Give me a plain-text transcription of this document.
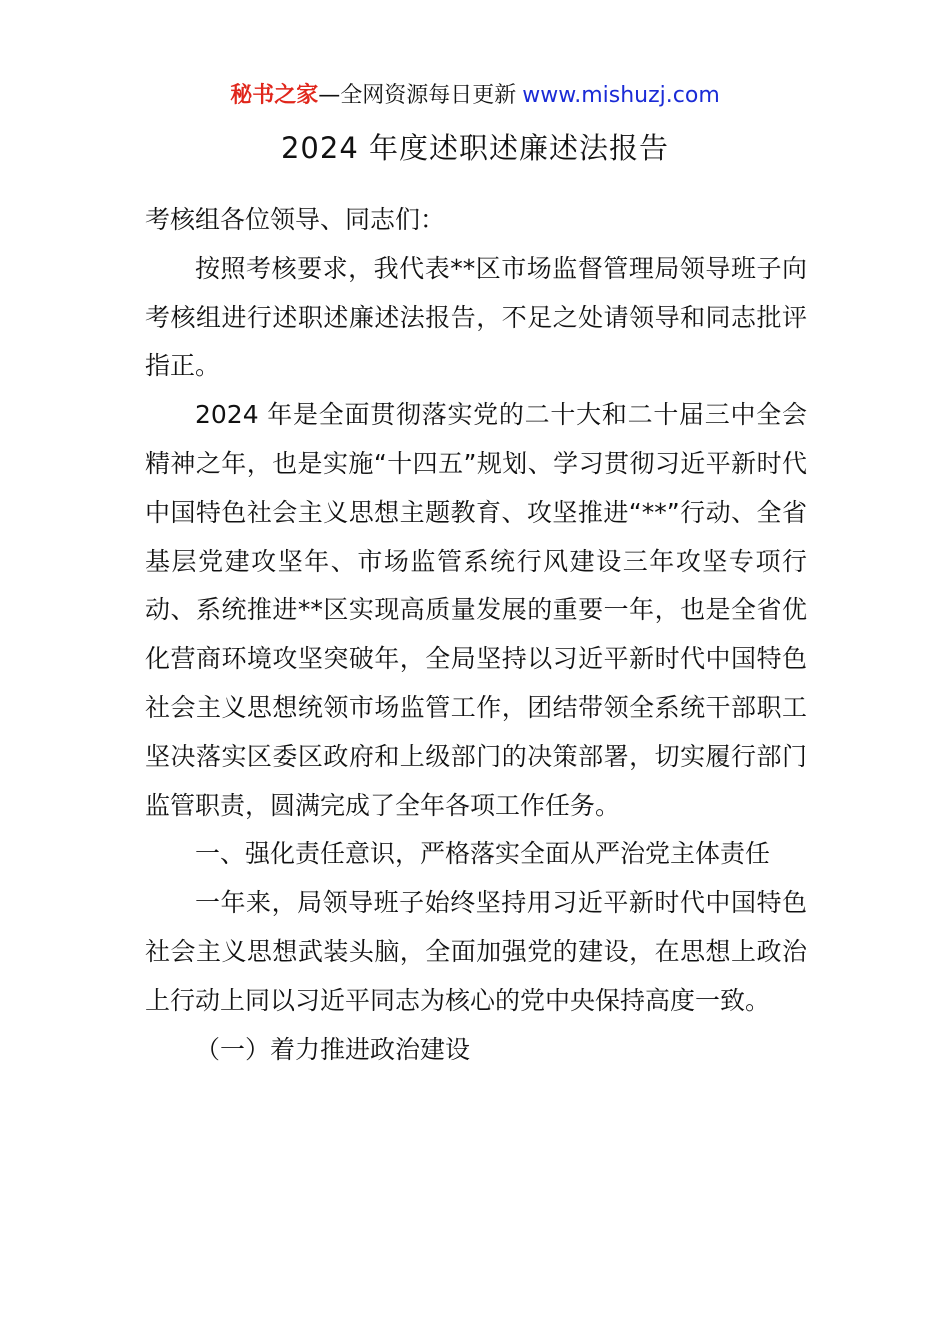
秘书之家—全网资源每日更新 www.mishuzj.com
2024 年度述职述廉述法报告

考核组各位领导、同志们：

按照考核要求，我代表**区市场监督管理局领导班子向考核组进行述职述廉述法报告，不足之处请领导和同志批评指正。

2024 年是全面贯彻落实党的二十大和二十届三中全会精神之年，也是实施“十四五”规划、学习贯彻习近平新时代中国特色社会主义思想主题教育、攻坚推进“**”行动、全省基层党建攻坚年、市场监管系统行风建设三年攻坚专项行动、系统推进**区实现高质量发展的重要一年，也是全省优化营商环境攻坚突破年，全局坚持以习近平新时代中国特色社会主义思想统领市场监管工作，团结带领全系统干部职工坚决落实区委区政府和上级部门的决策部署，切实履行部门监管职责，圆满完成了全年各项工作任务。

一、强化责任意识，严格落实全面从严治党主体责任

一年来，局领导班子始终坚持用习近平新时代中国特色社会主义思想武装头脑，全面加强党的建设，在思想上政治上行动上同以习近平同志为核心的党中央保持高度一致。

（一）着力推进政治建设
